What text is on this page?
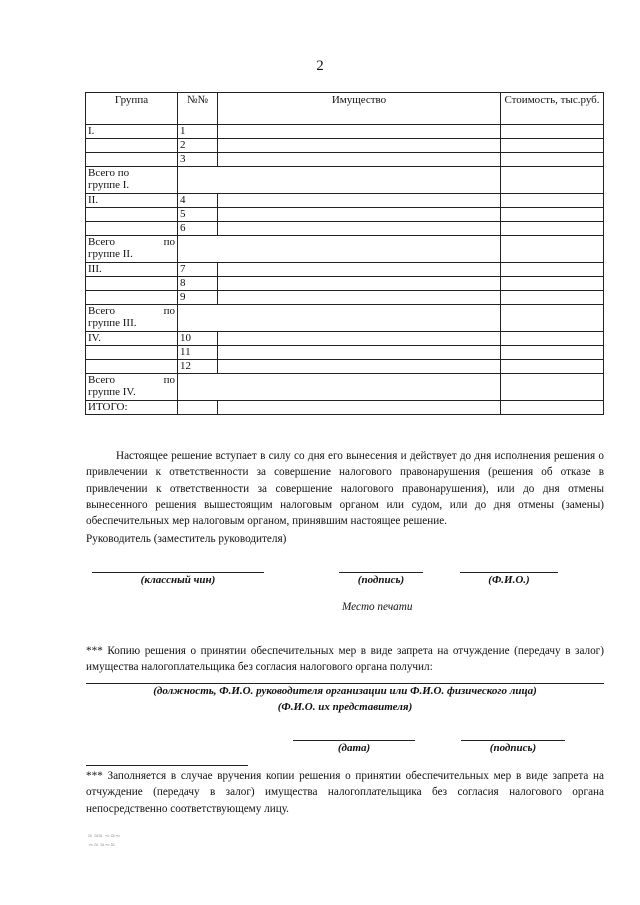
2
Группа	№№	Имущество	Стоимость, тыс.руб.
I.	1		
	2		
	3		

Всего по
группе I.			

II.	4		
	5		
	6		

Всего по
группе II.			

III.	7		
	8		
	9		

Всего по
группе III.			

IV.	10		
	11		
	12		

Всего по
группе IV.			

ИТОГО:			

Настоящее решение вступает в силу со дня его вынесения и действует до дня исполнения решения о привлечении к ответственности за совершение налогового правонарушения (решения об отказе в привлечении к ответственности за совершение налогового правонарушения), или до дня отмены вынесенного решения вышестоящим налоговым органом или судом, или до дня отмены (замены) обеспечительных мер налоговым органом, принявшим настоящее решение.

Руководитель (заместитель руководителя)
(классный чин)	(подпись)	(Ф.И.О.)
Место печати
*** Копию решения о принятии обеспечительных мер в виде запрета на отчуждение (передачу в залог) имущества налогоплательщика без согласия налогового органа получил:
(должность, Ф.И.О. руководителя организации или Ф.И.О. физического лица)
(Ф.И.О. их представителя)
(дата)	(подпись)
*** Заполняется в случае вручения копии решения о принятии обеспечительных мер в виде запрета на отчуждение (передачу в залог) имущества налогоплательщика без согласия налогового органа непосредственно соответствующему лицу.
≈ ≈≈ ∼≈∼
∼≈ ≈∼≈
